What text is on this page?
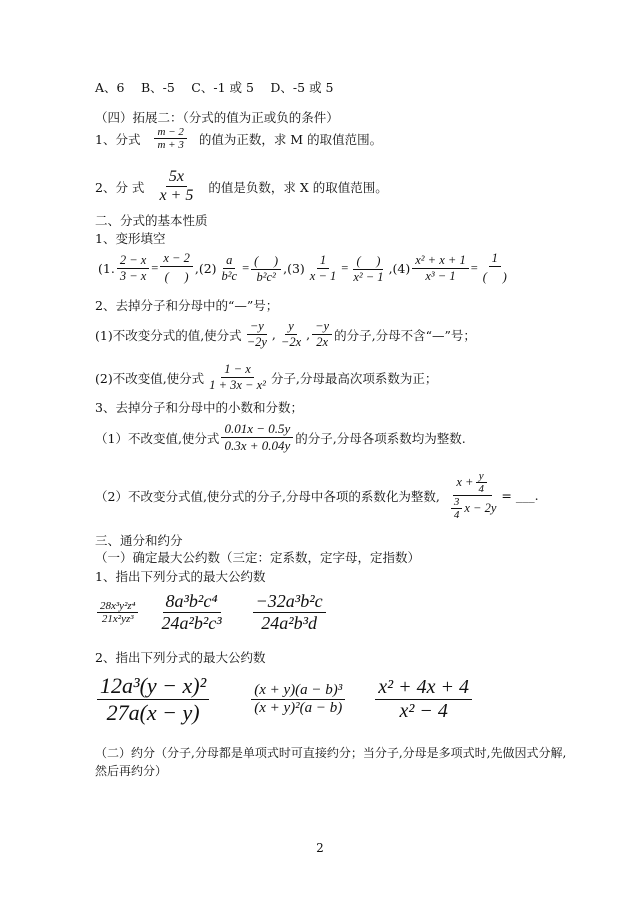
A、6　 B、-5　 C、-1 或 5　 D、-5 或 5
（四）拓展二：（分式的值为正或负的条件）
1、分式 $\frac{m - 2}{m + 3}$ 的值为正数，求 M 的取值范围。
2、分 式 $\frac{5x}{x + 5}$ 的值是负数，求 X 的取值范围。
二、分式的基本性质
1、变形填空
(1. $\frac{2 - x}{3 - x} = \frac{x - 2}{( )} ,(2) \frac{a}{\text{b²c}} = \frac{( )}{\text{b²c²}} ,(3) \frac{1}{x - 1} = \frac{( )}{\text{x² − 1}} ,(4) \frac{\text{x² + x + 1}}{\text{x³ − 1}} = \frac{1}{( )}$
2、去掉分子和分母中的“—”号；
(1)不改变分式的值,使分式 $\frac{-y}{-2y}$ , $\frac{y}{-2x}$ , $\frac{-y}{2x}$ 的分子,分母不含“—”号；
(2)不改变值,使分式 $\frac{1 - x}{\text{1 + 3x − x²}}$ 分子,分母最高次项系数为正；
3、去掉分子和分母中的小数和分数；
（1）不改变值,使分式 $\frac{0.01x - 0.5y}{0.3x + 0.04y}$ 的分子,分母各项系数均为整数.
（2）不改变分式值,使分式的分子,分母中各项的系数化为整数, $\frac{x + \frac{y}{4}}{\frac{3}{4} x - 2y}$ = ___.
三、通分和约分
（一）确定最大公约数（三定：定系数，定字母，定指数）
1、指出下列分式的最大公约数
$\frac{\text{28x³y²z⁴}}{\text{21x²yz³}} \frac{\text{8a³b²c⁴}}{\text{24a²b²c³}} \frac{\text{−32a³b²c}}{\text{24a²b³d}}$
2、指出下列分式的最大公约数
$\frac{\text{12a³(y − x)²}}{27a(x - y)}$	$\frac{\text{(x + y)(a − b)³}}{\text{(x + y)²(a − b)}} \frac{\text{x² + 4x + 4}}{\text{x² − 4}}$
（二）约分（分子,分母都是单项式时可直接约分；当分子,分母是多项式时,先做因式分解,
然后再约分）
2
